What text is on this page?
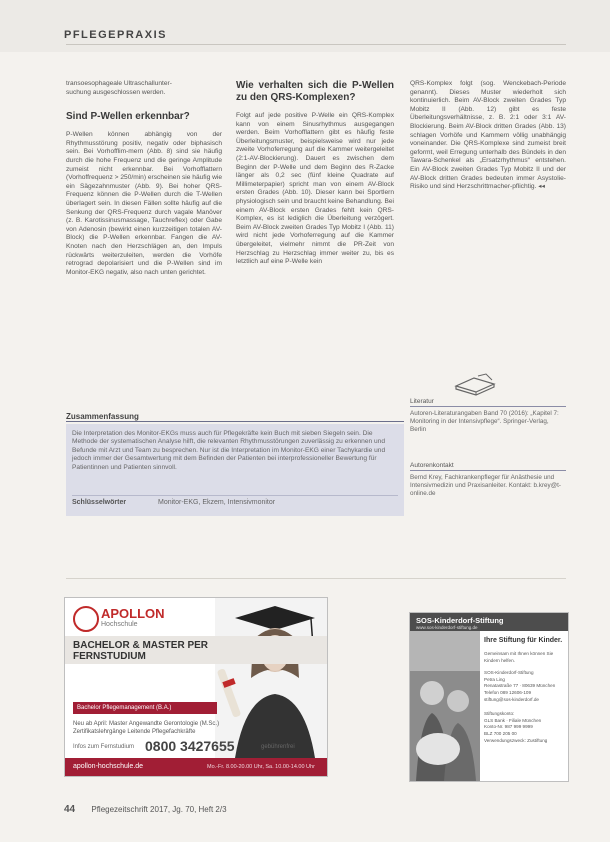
PFLEGEPRAXIS

transoesophageale Ultraschallunter-

suchung ausgeschlossen werden.

Sind P-Wellen erkennbar?

P-Wellen können abhängig von der Rhythmusstörung positiv, negativ oder biphasisch sein. Bei Vorhofflim-mern (Abb. 8) sind sie häufig durch die hohe Frequenz und die geringe Amplitude zumeist nicht erkennbar. Bei Vorhofflattern (Vorhoffrequenz > 250/min) erscheinen sie häufig wie ein Sägezahnmuster (Abb. 9). Bei hoher QRS-Frequenz können die P-Wellen durch die T-Wellen überlagert sein. In diesen Fällen sollte häufig auf die Senkung der QRS-Frequenz durch vagale Manöver (z. B. Karotissinusmassage, Tauchreflex) oder Gabe von Adenosin (bewirkt einen kurzzeitigen totalen AV-Block) die P-Wellen erkennbar. Fangen die AV-Knoten nach den Herzschlägen an, den Impuls rückwärts weiterzuleiten, werden die Vorhöfe retrograd depolarisiert und die P-Wellen sind im Monitor-EKG negativ, also nach unten gerichtet.

Wie verhalten sich die P-Wellen zu den QRS-Komplexen?

Folgt auf jede positive P-Welle ein QRS-Komplex kann von einem Sinusrhythmus ausgegangen werden. Beim Vorhofflattern gibt es häufig feste Überleitungsmuster, beispielsweise wird nur jede zweite Vorhoferregung auf die Kammer weitergeleitet (2:1-AV-Blockierung). Dauert es zwischen dem Beginn der P-Welle und dem Beginn des R-Zacke länger als 0,2 sec (fünf kleine Quadrate auf Millimeterpapier) spricht man von einem AV-Block ersten Grades (Abb. 10). Dieser kann bei Sportlern physiologisch sein und braucht keine Behandlung. Bei einem AV-Block ersten Grades fehlt kein QRS-Komplex, es ist lediglich die Überleitung verzögert. Beim AV-Block zweiten Grades Typ Mobitz I (Abb. 11) wird nicht jede Vorhoferregung auf die Kammer übergeleitet, vielmehr nimmt die PR-Zeit von Herzschlag zu Herzschlag immer weiter zu, bis es letztlich auf eine P-Welle kein

QRS-Komplex folgt (sog. Wenckebach-Periode genannt). Dieses Muster wiederholt sich kontinuierlich. Beim AV-Block zweiten Grades Typ Mobitz II (Abb. 12) gibt es feste Überleitungsverhältnisse, z. B. 2:1 oder 3:1 AV-Blockierung. Beim AV-Block dritten Grades (Abb. 13) schlagen Vorhöfe und Kammern völlig unabhängig voneinander. Die QRS-Komplexe sind zumeist breit geformt, weil Erregung unterhalb des Bündels in den Tawara-Schenkel als „Ersatzrhythmus“ entstehen. Ein AV-Block zweiten Grades Typ Mobitz II und der AV-Block dritten Grades bedeuten immer Asystolie-Risiko und sind Herzschrittmacher-pflichtig. ◂◂

Literatur
Autoren-Literaturangaben Band 70 (2016): „Kapitel 7: Monitoring in der Intensivpflege“. Springer-Verlag, Berlin
Autorenkontakt
Bernd Krey, Fachkrankenpfleger für Anästhesie und Intensivmedizin und Praxisanleiter. Kontakt: b.krey@t-online.de
Zusammenfassung
Die Interpretation des Monitor-EKGs muss auch für Pflegekräfte kein Buch mit sieben Siegeln sein. Die Methode der systematischen Analyse hilft, die relevanten Rhythmusstörungen zuverlässig zu erkennen und Befunde mit Arzt und Team zu besprechen. Nur ist die Interpretation im Monitor-EKG einer Tachykardie und jedoch immer der Gesamtwertung mit dem Befinden der Patienten bei interprofessioneller Bewertung für Patientinnen und Patienten sinnvoll.
Schlüsselwörter	Monitor-EKG, Ekzem, Intensivmonitor
APOLLON
Hochschule
BACHELOR & MASTER PER FERNSTUDIUM
Bachelor Pflegemanagement (B.A.)
Neu ab April: Master Angewandte Gerontologie (M.Sc.) Zertifikatslehrgänge Leitende Pflegefachkräfte
Infos zum Fernstudium 0800 3427655	gebührenfrei
apollon-hochschule.de	Mo.-Fr. 8.00-20.00 Uhr, Sa. 10.00-14.00 Uhr
SOS-Kinderdorf-Stiftung
www.sos-kinderdorf-stiftung.de
Ihre Stiftung für Kinder.
Gemeinsam mit Ihnen können Sie Kindern helfen.
SOS-Kinderdorf-Stiftung
Petra Ling
Renatastraße 77 · 80639 München
Telefon 089 12606-109
stiftung@sos-kinderdorf.de
Stiftungskonto:
GLS Bank · Filiale München
Konto-Nr. 987 999 9999
BLZ 700 205 00
Verwendungszweck: Zustiftung
44 Pflegezeitschrift 2017, Jg. 70, Heft 2/3
